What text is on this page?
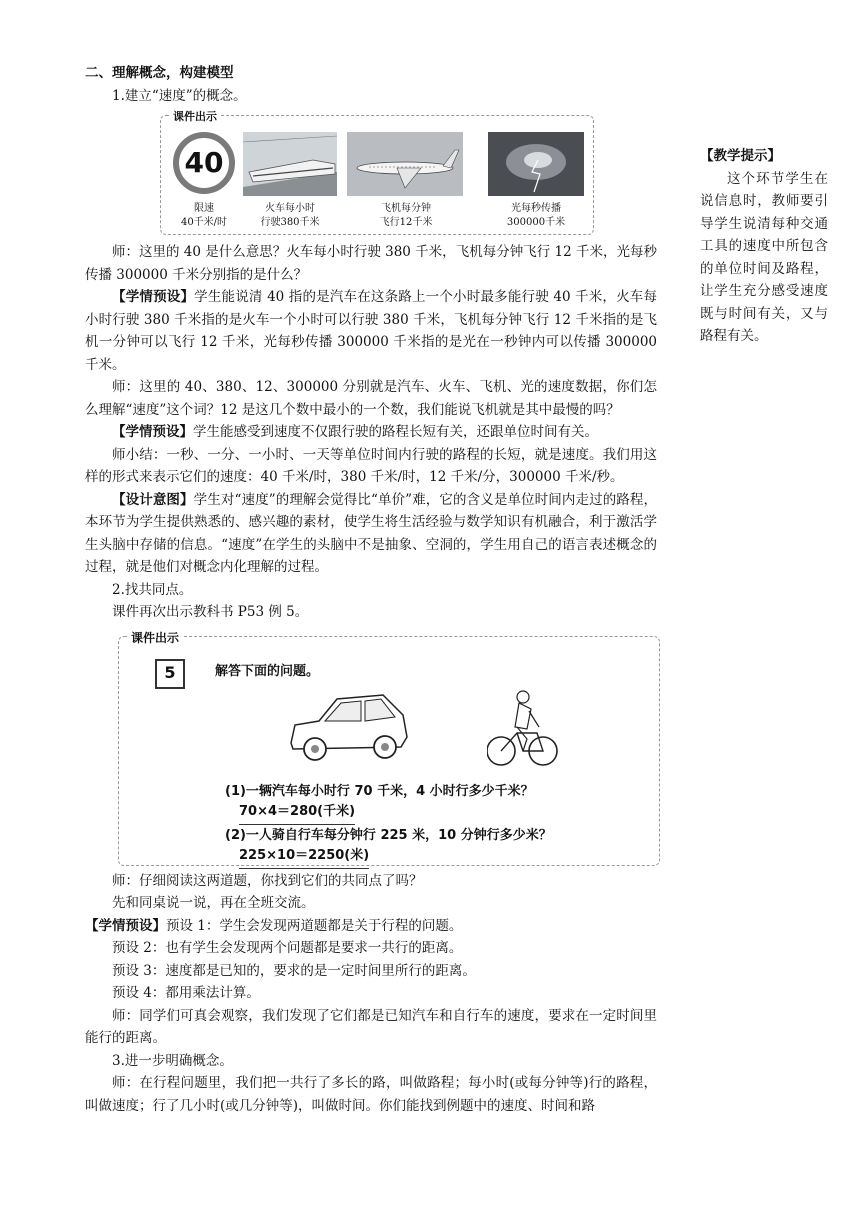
二、理解概念，构建模型

1.建立“速度”的概念。

课件出示
40
限速
40千米/时
火车每小时
行驶380千米
飞机每分钟
飞行12千米
光每秒传播
300000千米

师：这里的 40 是什么意思？火车每小时行驶 380 千米，飞机每分钟飞行 12 千米，光每秒传播 300000 千米分别指的是什么？

【学情预设】学生能说清 40 指的是汽车在这条路上一个小时最多能行驶 40 千米，火车每小时行驶 380 千米指的是火车一个小时可以行驶 380 千米，飞机每分钟飞行 12 千米指的是飞机一分钟可以飞行 12 千米，光每秒传播 300000 千米指的是光在一秒钟内可以传播 300000 千米。

师：这里的 40、380、12、300000 分别就是汽车、火车、飞机、光的速度数据，你们怎么理解“速度”这个词？12 是这几个数中最小的一个数，我们能说飞机就是其中最慢的吗？

【学情预设】学生能感受到速度不仅跟行驶的路程长短有关，还跟单位时间有关。

师小结：一秒、一分、一小时、一天等单位时间内行驶的路程的长短，就是速度。我们用这样的形式来表示它们的速度：40 千米/时，380 千米/时，12 千米/分，300000 千米/秒。

【设计意图】学生对“速度”的理解会觉得比“单价”难，它的含义是单位时间内走过的路程，本环节为学生提供熟悉的、感兴趣的素材，使学生将生活经验与数学知识有机融合，利于激活学生头脑中存储的信息。“速度”在学生的头脑中不是抽象、空洞的，学生用自己的语言表述概念的过程，就是他们对概念内化理解的过程。

2.找共同点。

课件再次出示教科书 P53 例 5。

课件出示
5	解答下面的问题。
(1)一辆汽车每小时行 70 千米，4 小时行多少千米？
70×4＝280(千米)
(2)一人骑自行车每分钟行 225 米，10 分钟行多少米？
225×10＝2250(米)

师：仔细阅读这两道题，你找到它们的共同点了吗？

先和同桌说一说，再在全班交流。

【学情预设】预设 1：学生会发现两道题都是关于行程的问题。

预设 2：也有学生会发现两个问题都是要求一共行的距离。

预设 3：速度都是已知的，要求的是一定时间里所行的距离。

预设 4：都用乘法计算。

师：同学们可真会观察，我们发现了它们都是已知汽车和自行车的速度，要求在一定时间里能行的距离。

3.进一步明确概念。

师：在行程问题里，我们把一共行了多长的路，叫做路程；每小时(或每分钟等)行的路程，叫做速度；行了几小时(或几分钟等)，叫做时间。你们能找到例题中的速度、时间和路

【教学提示】

这个环节学生在说信息时，教师要引导学生说清每种交通工具的速度中所包含的单位时间及路程，让学生充分感受速度既与时间有关，又与路程有关。
